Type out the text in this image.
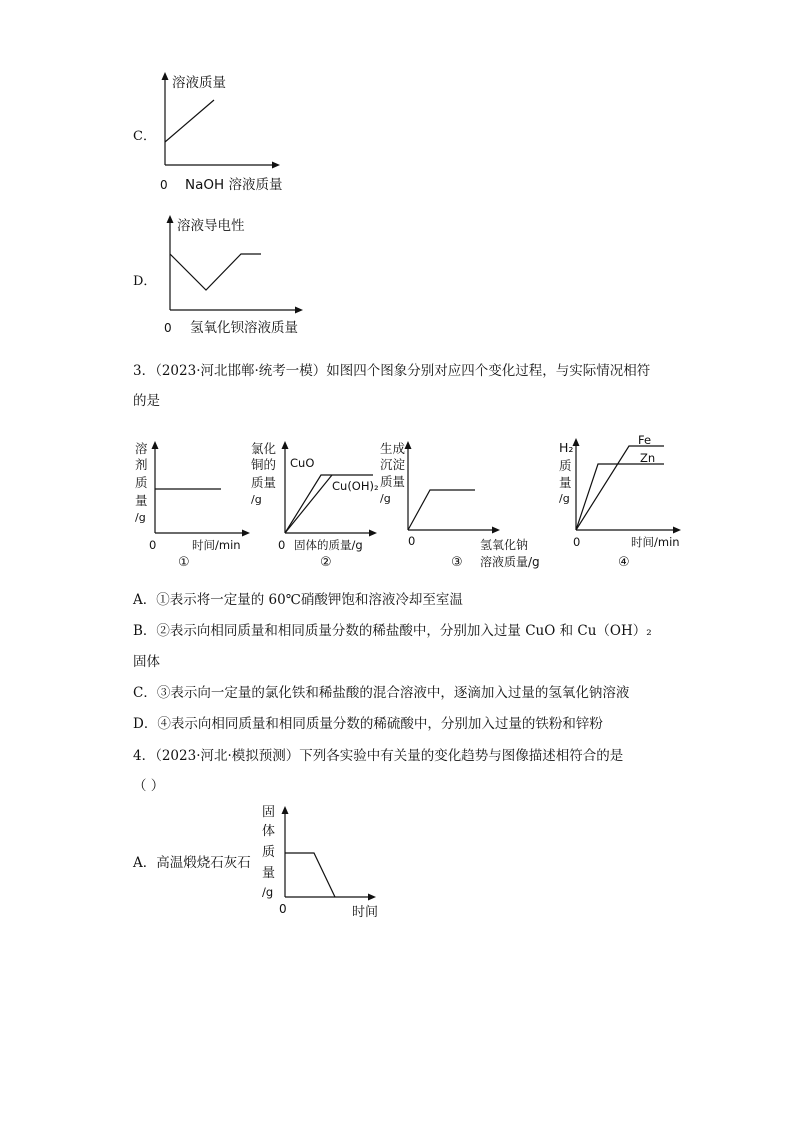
C．
溶液质量
0 NaOH 溶液质量
D．
溶液导电性
0 氢氧化钡溶液质量
3．（2023·河北邯郸·统考一模）如图四个图象分别对应四个变化过程，与实际情况相符
的是
溶
剂
质
量
/g
0	时间/min
①
氯化
铜的
质量
/g
CuO
Cu(OH)₂
0 固体的质量/g
②
生成
沉淀
质量
/g
0	氢氧化钠
溶液质量/g
③
H₂
质
量
/g
Fe
Zn
0	时间/min
④
A．①表示将一定量的 60℃硝酸钾饱和溶液冷却至室温
B．②表示向相同质量和相同质量分数的稀盐酸中，分别加入过量 CuO 和 Cu（OH）₂
固体
C．③表示向一定量的氯化铁和稀盐酸的混合溶液中，逐滴加入过量的氢氧化钠溶液
D．④表示向相同质量和相同质量分数的稀硫酸中，分别加入过量的铁粉和锌粉
4．（2023·河北·模拟预测）下列各实验中有关量的变化趋势与图像描述相符合的是
（ ）
A．高温煅烧石灰石
固
体
质
量
/g
0	时间
